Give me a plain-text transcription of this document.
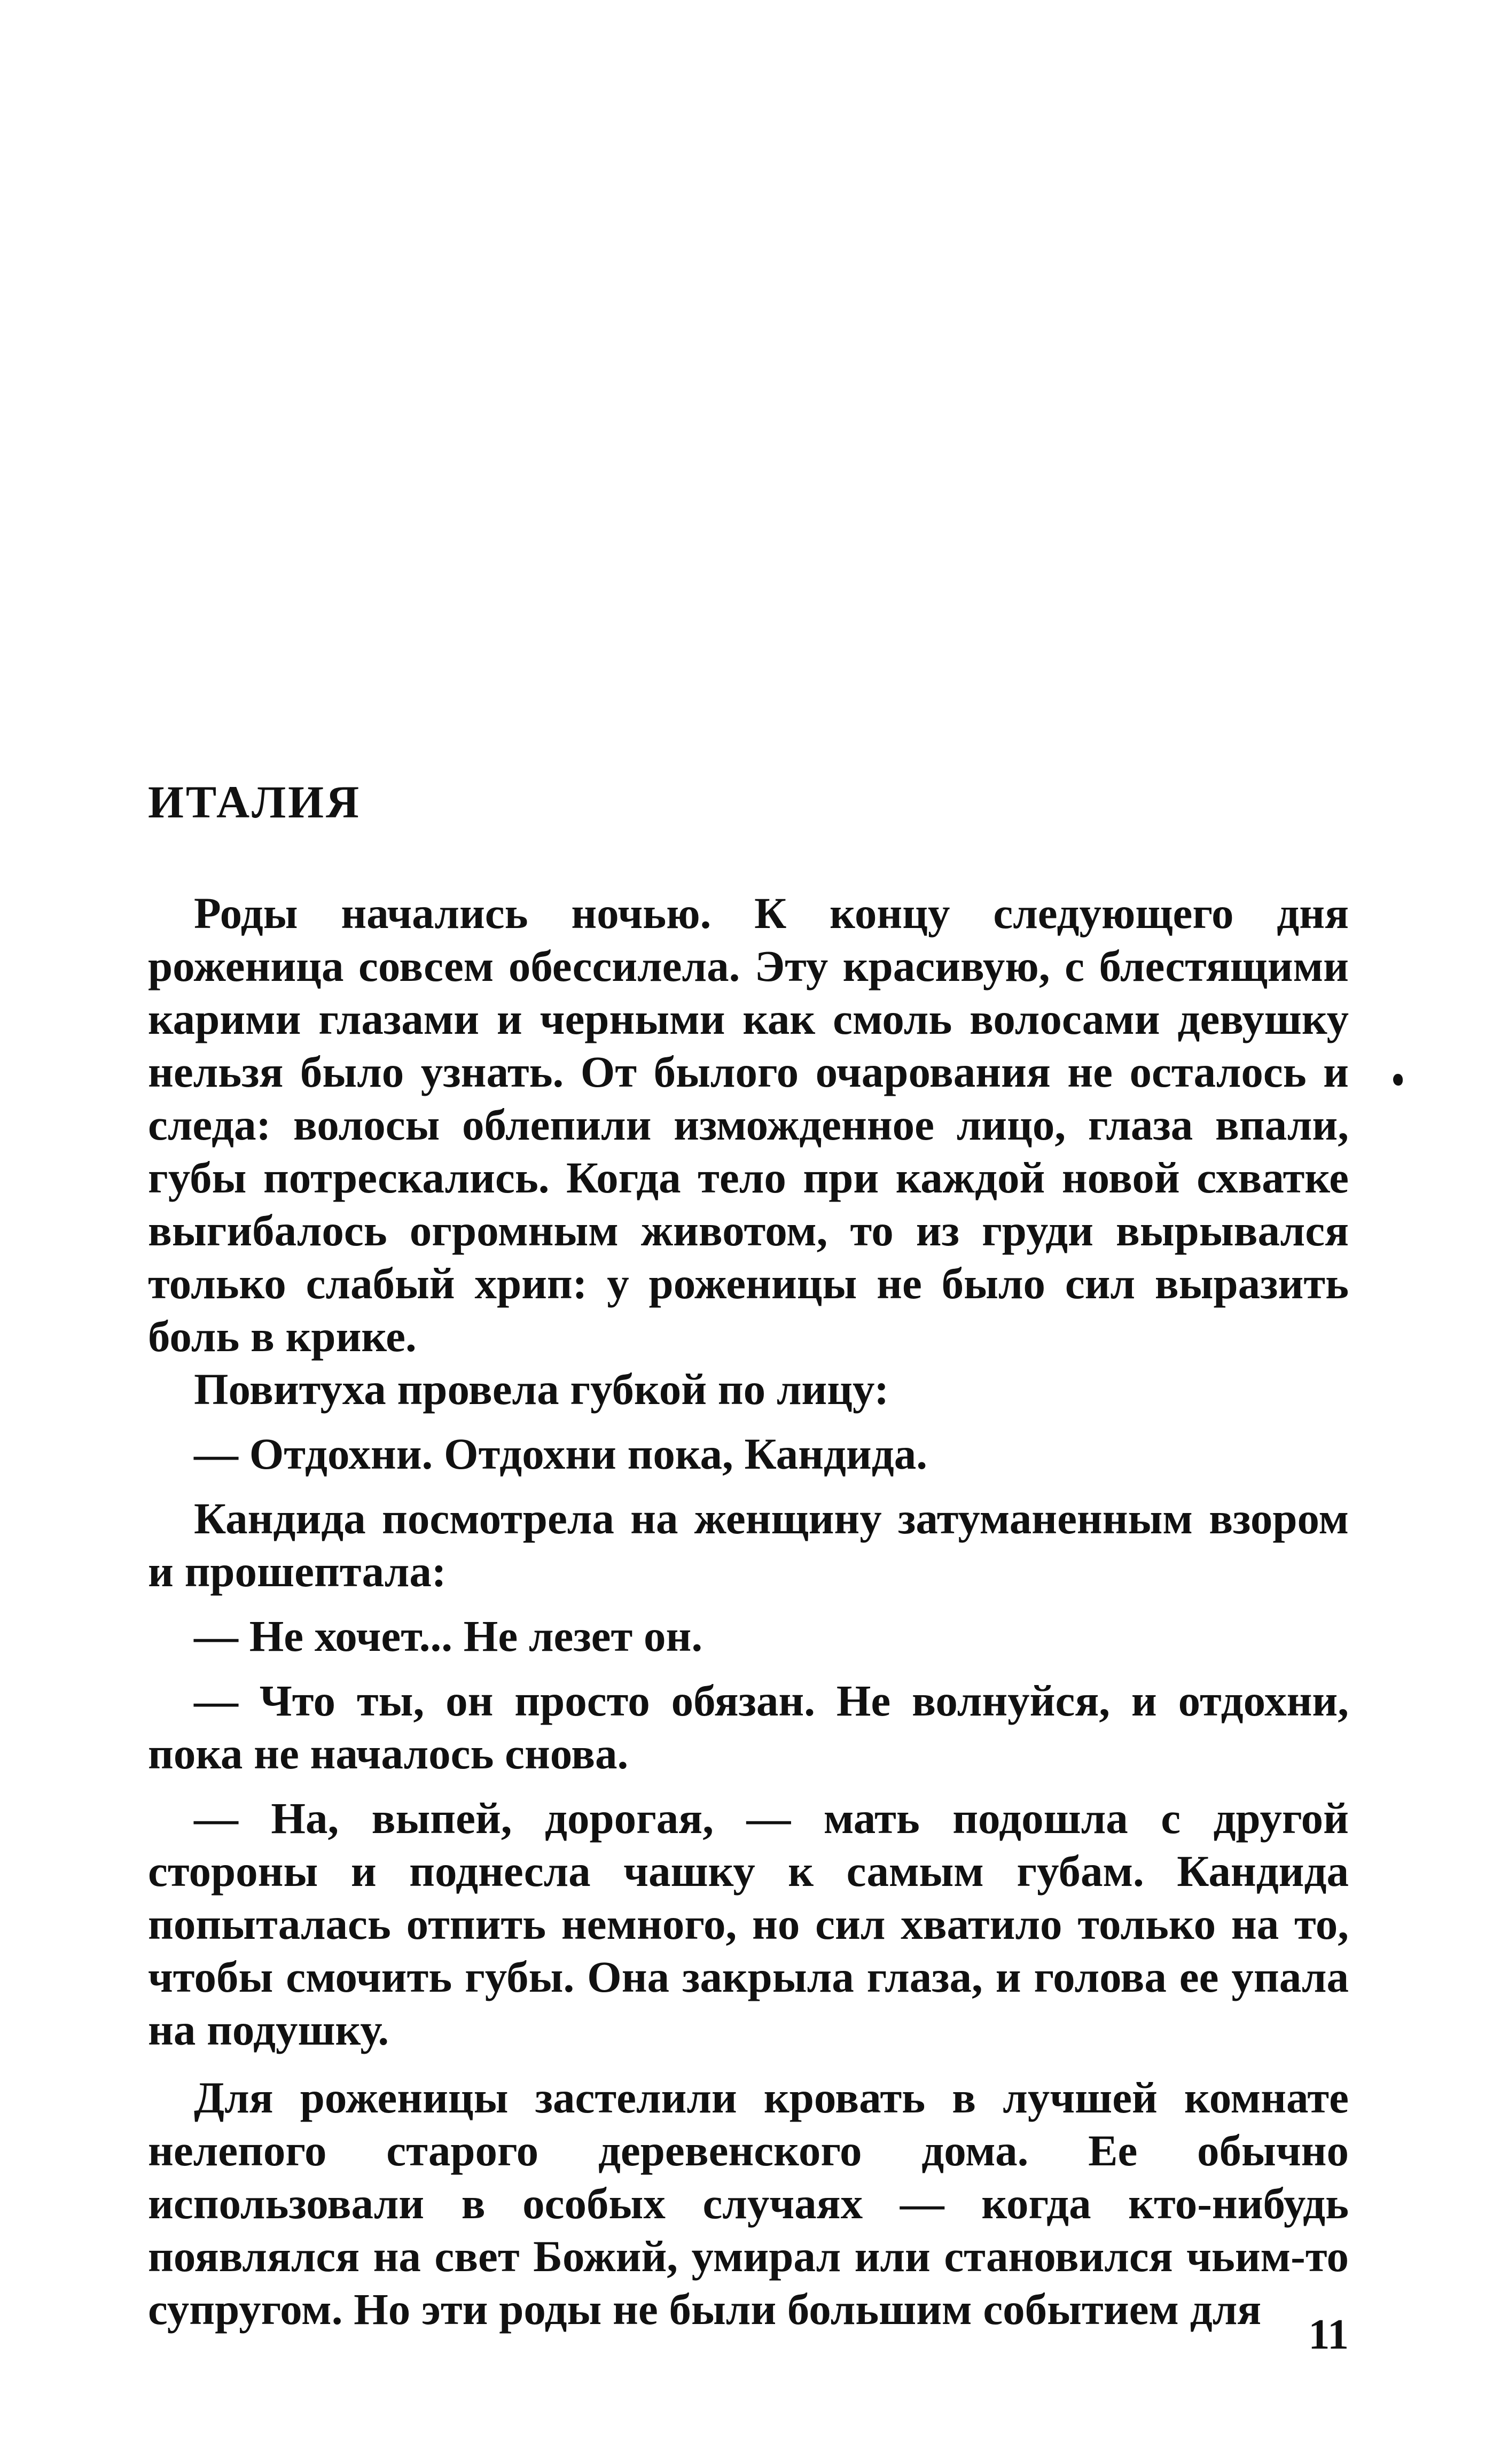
ИТАЛИЯ

Роды начались ночью. К концу следующего дня роженица совсем обессилела. Эту красивую, с блестящими карими глазами и черными как смоль волосами девушку нельзя было узнать. От былого очарования не осталось и следа: волосы облепили изможденное лицо, глаза впали, губы потрескались. Когда тело при каждой новой схватке выгибалось огромным животом, то из груди вырывался только слабый хрип: у роженицы не было сил выразить боль в крике.

Повитуха провела губкой по лицу:

— Отдохни. Отдохни пока, Кандида.

Кандида посмотрела на женщину затуманенным взором и прошептала:

— Не хочет... Не лезет он.

— Что ты, он просто обязан. Не волнуйся, и отдохни, пока не началось снова.

— На, выпей, дорогая, — мать подошла с другой стороны и поднесла чашку к самым губам. Кандида попыталась отпить немного, но сил хватило только на то, чтобы смочить губы. Она закрыла глаза, и голова ее упала на подушку.

Для роженицы застелили кровать в лучшей комнате нелепого старого деревенского дома. Ее обычно использовали в особых случаях — когда кто-нибудь появлялся на свет Божий, умирал или становился чьим-то супругом. Но эти роды не были большим событием для

11
